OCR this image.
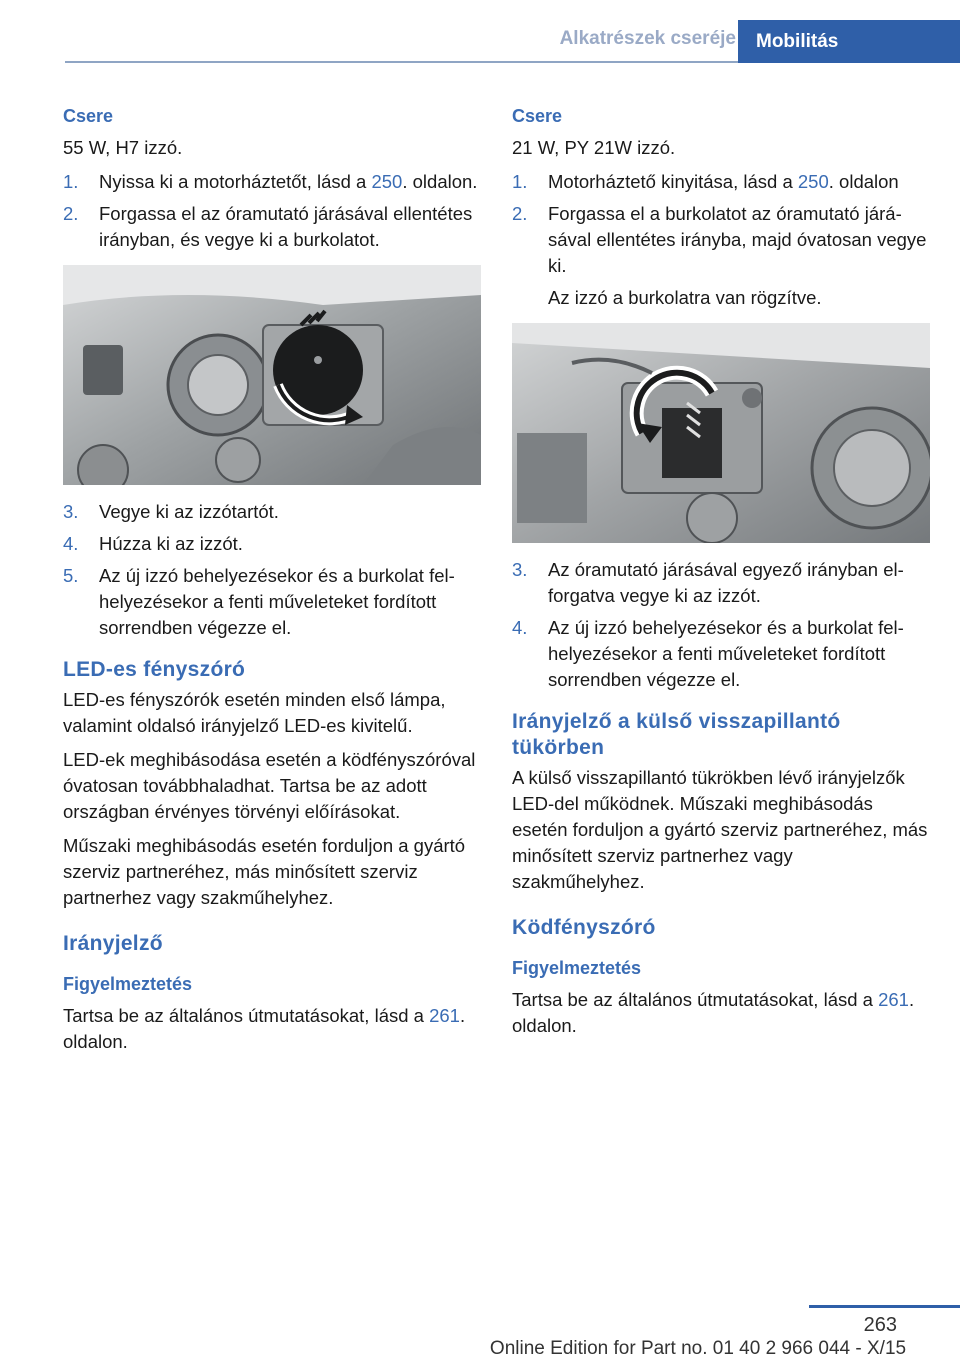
Alkatrészek cseréje Mobilitás
Csere

55 W, H7 izzó.

1.	Nyissa ki a motorháztetőt, lásd a 250. oldalon.
2.	Forgassa el az óramutató járásával ellentétes irányban, és vegye ki a burkolatot.
3.	Vegye ki az izzótartót.
4.	Húzza ki az izzót.
5.	Az új izzó behelyezésekor és a burkolat felhelyezésekor a fenti műveleteket fordított sorrendben végezze el.
LED-es fényszóró

LED-es fényszórók esetén minden első lámpa, valamint oldalsó irányjelző LED-es kivitelű.

LED-ek meghibásodása esetén a ködfényszóróval óvatosan továbbhaladhat. Tartsa be az adott országban érvényes törvényi előírásokat.

Műszaki meghibásodás esetén forduljon a gyártó szerviz partneréhez, más minősített szerviz partnerhez vagy szakműhelyhez.

Irányjelző
Figyelmeztetés

Tartsa be az általános útmutatásokat, lásd a 261. oldalon.

Csere

21 W, PY 21W izzó.

1.	Motorháztető kinyitása, lásd a 250. oldalon
2.	Forgassa el a burkolatot az óramutató járásával ellentétes irányba, majd óvatosan vegye ki.

Az izzó a burkolatra van rögzítve.

3.	Az óramutató járásával egyező irányban elforgatva vegye ki az izzót.
4.	Az új izzó behelyezésekor és a burkolat felhelyezésekor a fenti műveleteket fordított sorrendben végezze el.
Irányjelző a külső visszapillantó tükörben

A külső visszapillantó tükrökben lévő irányjelzők LED-del működnek. Műszaki meghibásodás esetén forduljon a gyártó szerviz partneréhez, más minősített szerviz partnerhez vagy szakműhelyhez.

Ködfényszóró
Figyelmeztetés

Tartsa be az általános útmutatásokat, lásd a 261. oldalon.

263
Online Edition for Part no. 01 40 2 966 044 - X/15
